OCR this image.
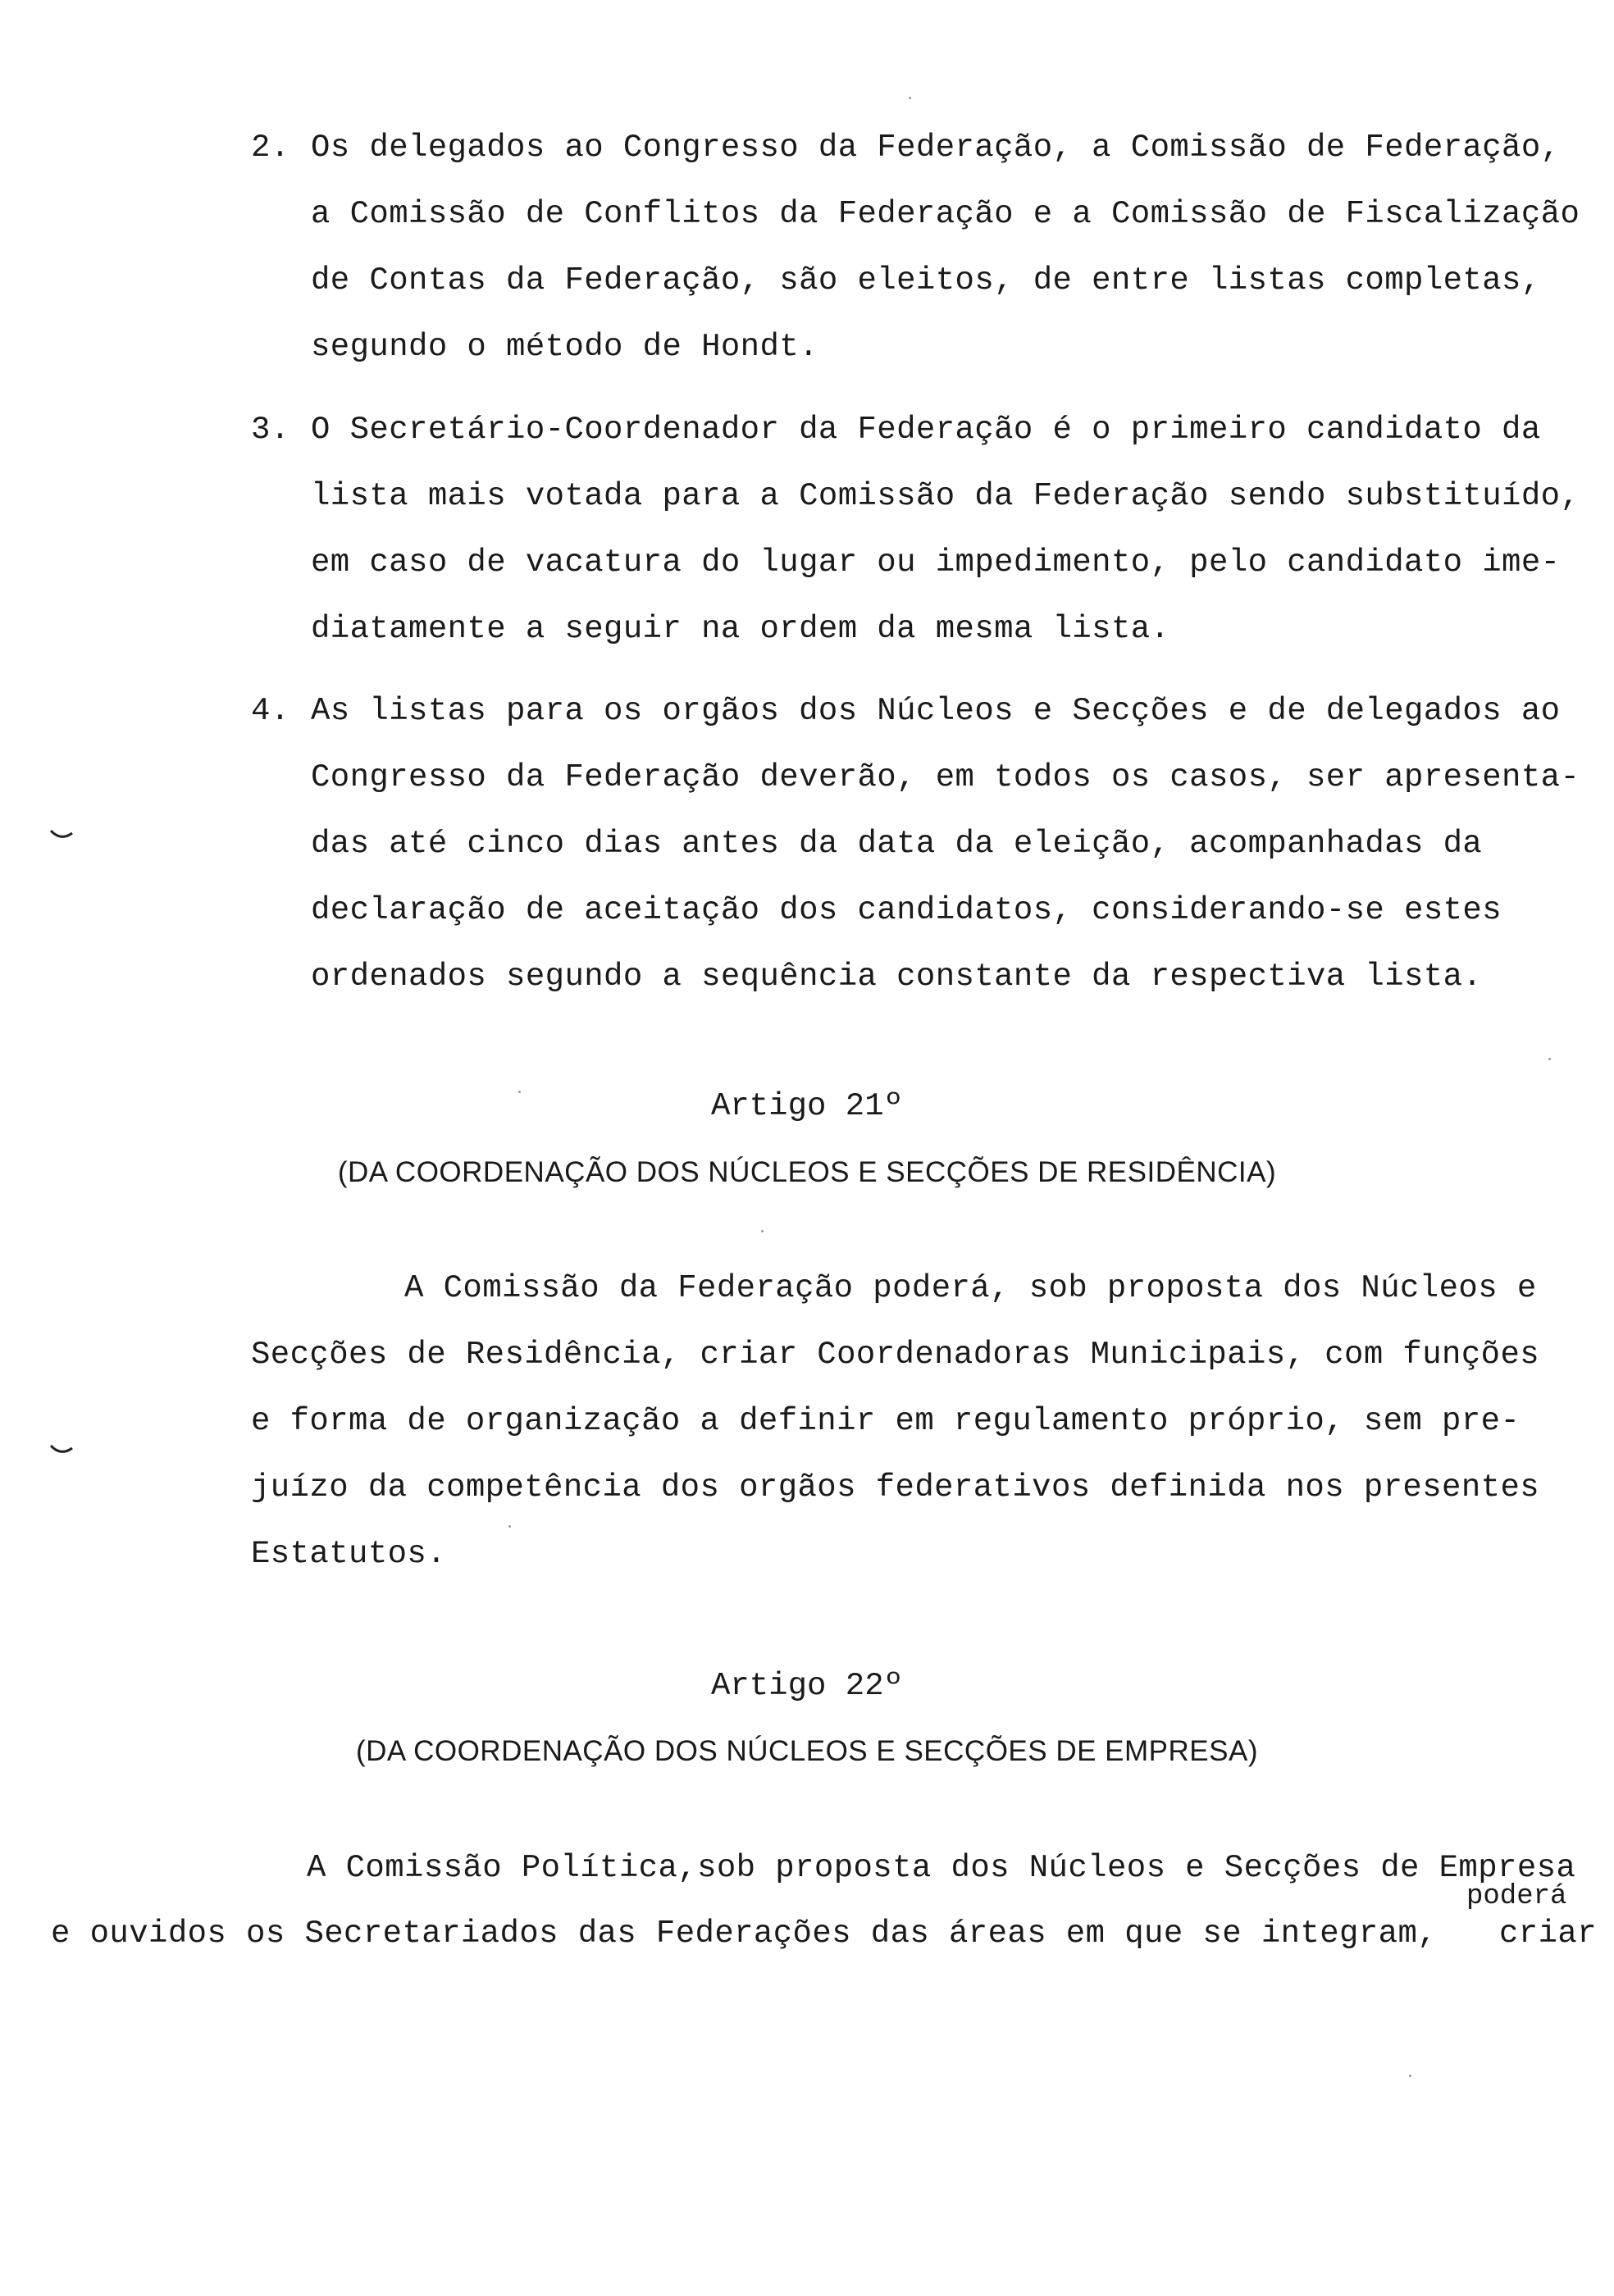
2. Os delegados ao Congresso da Federação, a Comissão de Federação,
a Comissão de Conflitos da Federação e a Comissão de Fiscalização
de Contas da Federação, são eleitos, de entre listas completas,
segundo o método de Hondt.
3. O Secretário-Coordenador da Federação é o primeiro candidato da
lista mais votada para a Comissão da Federação sendo substituído,
em caso de vacatura do lugar ou impedimento, pelo candidato ime-
diatamente a seguir na ordem da mesma lista.
4. As listas para os orgãos dos Núcleos e Secções e de delegados ao
Congresso da Federação deverão, em todos os casos, ser apresenta-
das até cinco dias antes da data da eleição, acompanhadas da
declaração de aceitação dos candidatos, considerando-se estes
ordenados segundo a sequência constante da respectiva lista.
Artigo 21º
(DA COORDENAÇÃO DOS NÚCLEOS E SECÇÕES DE RESIDÊNCIA)
A Comissão da Federação poderá, sob proposta dos Núcleos e
Secções de Residência, criar Coordenadoras Municipais, com funções
e forma de organização a definir em regulamento próprio, sem pre-
juízo da competência dos orgãos federativos definida nos presentes
Estatutos.
Artigo 22º
(DA COORDENAÇÃO DOS NÚCLEOS E SECÇÕES DE EMPRESA)
A Comissão Política,sob proposta dos Núcleos e Secções de Empresa
e ouvidos os Secretariados das Federações das áreas em que se integram,
poderá
criar
